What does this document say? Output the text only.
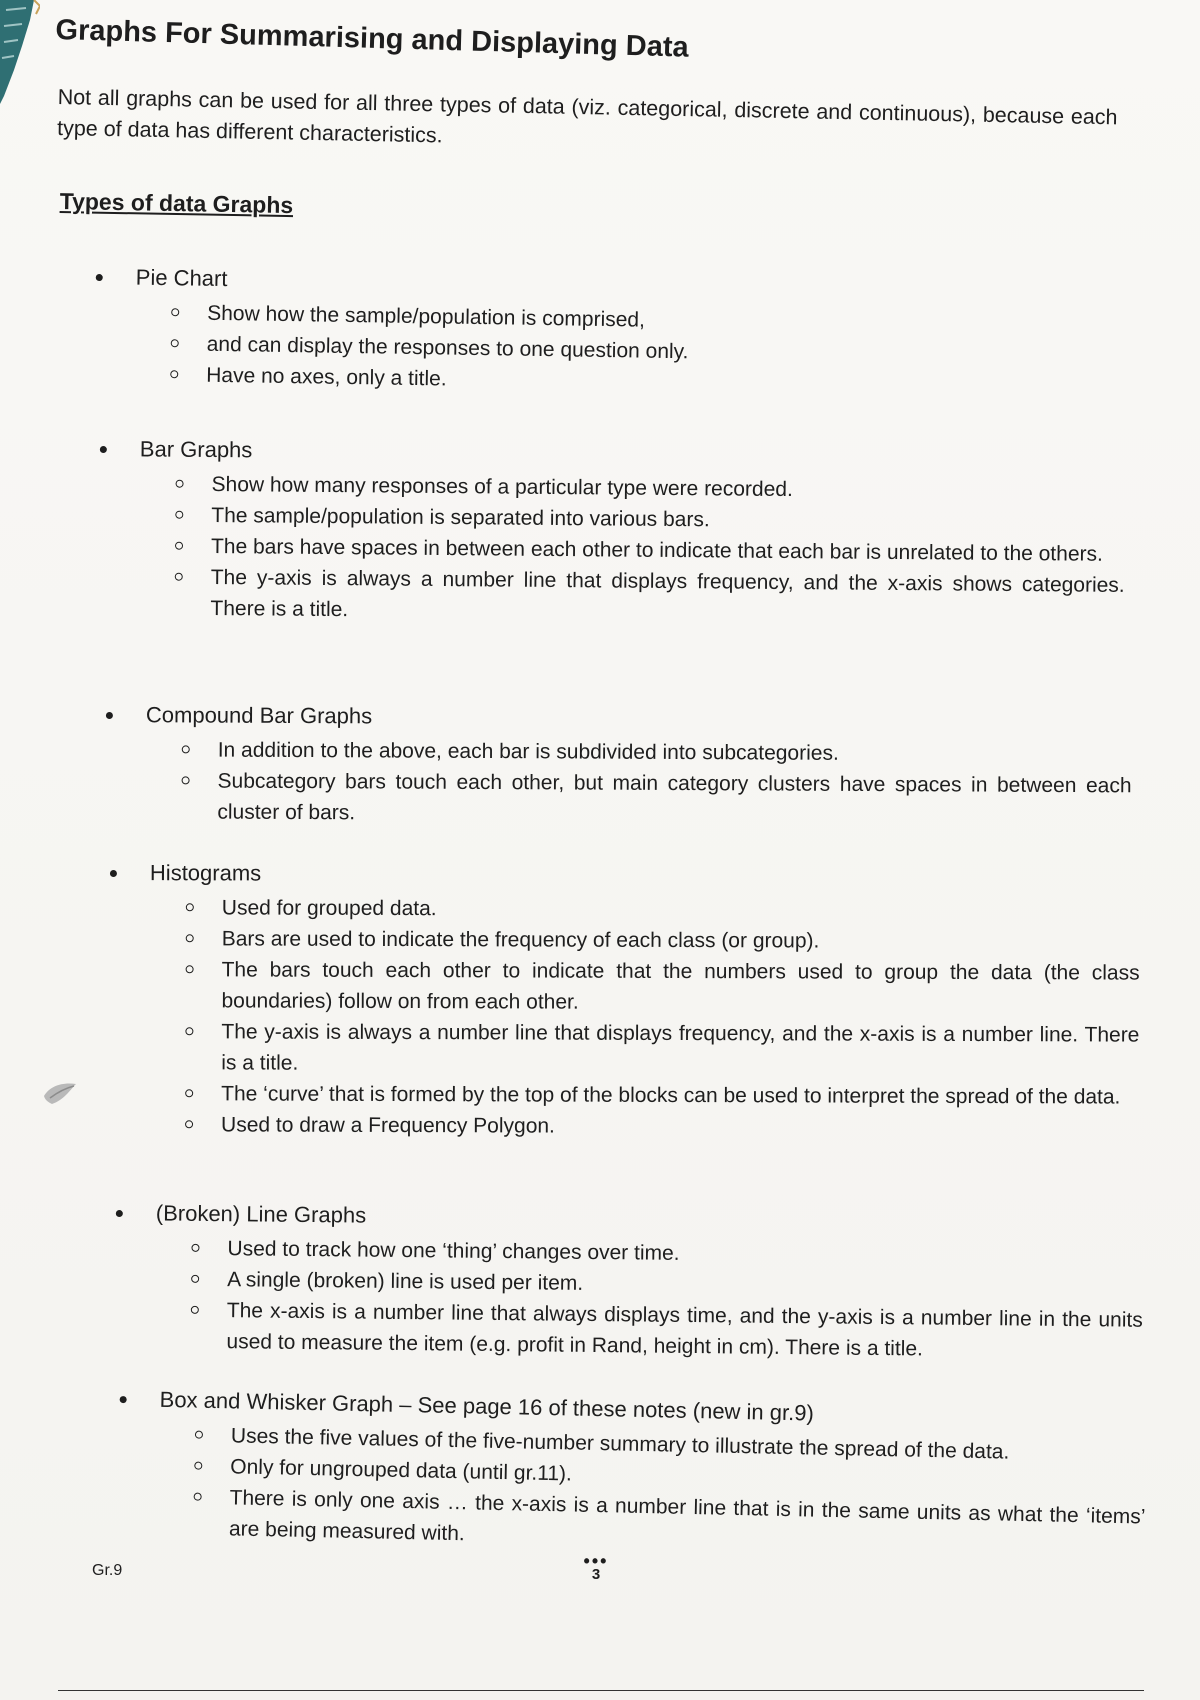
Graphs For Summarising and Displaying Data

Not all graphs can be used for all three types of data (viz. categorical, discrete and continuous), because each type of data has different characteristics.

Types of data Graphs
Pie Chart
Show how the sample/population is comprised,
and can display the responses to one question only.
Have no axes, only a title.
Bar Graphs
Show how many responses of a particular type were recorded.
The sample/population is separated into various bars.
The bars have spaces in between each other to indicate that each bar is unrelated to the others.
The y-axis is always a number line that displays frequency, and the x-axis shows categories. There is a title.
Compound Bar Graphs
In addition to the above, each bar is subdivided into subcategories.
Subcategory bars touch each other, but main category clusters have spaces in between each cluster of bars.
Histograms
Used for grouped data.
Bars are used to indicate the frequency of each class (or group).
The bars touch each other to indicate that the numbers used to group the data (the class boundaries) follow on from each other.
The y-axis is always a number line that displays frequency, and the x-axis is a number line. There is a title.
The ‘curve’ that is formed by the top of the blocks can be used to interpret the spread of the data.
Used to draw a Frequency Polygon.
(Broken) Line Graphs
Used to track how one ‘thing’ changes over time.
A single (broken) line is used per item.
The x-axis is a number line that always displays time, and the y-axis is a number line in the units used to measure the item (e.g. profit in Rand, height in cm). There is a title.
Box and Whisker Graph – See page 16 of these notes (new in gr.9)
Uses the five values of the five-number summary to illustrate the spread of the data.
Only for ungrouped data (until gr.11).
There is only one axis … the x-axis is a number line that is in the same units as what the ‘items’ are being measured with.
Gr.9	•••
3
